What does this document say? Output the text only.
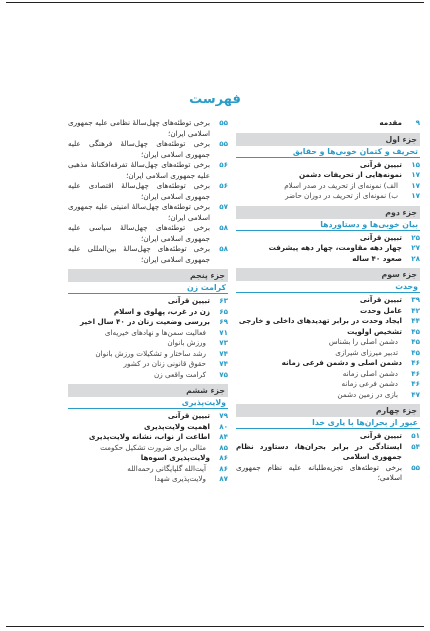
فهرست
۹
مقدمه
جزء اول
تحریف و کتمان خوبی‌ها و حقایق
۱۵
تبیین قرآنی
۱۷
نمونه‌هایی از تحریفات دشمن
۱۷
الف) نمونه‌ای از تحریف در صدر اسلام
۱۷
ب) نمونه‌ای از تحریف در دوران حاضر
جزء دوم
بیان خوبی‌ها و دستاوردها
۲۵
تبیین قرآنی
۲۷
چهار دهه مقاومت، چهار دهه پیشرفت
۲۸
صعود ۴۰ ساله
جزء سوم
وحدت
۳۹
تبیین قرآنی
۴۲
عامل وحدت
۴۴
ایجاد وحدت در برابر تهدیدهای داخلی و خارجی
۴۵
تشخیص اولویت
۴۵
دشمن اصلی را بشناس
۴۵
تدبیر میرزای شیرازی
۴۶
دشمن اصلی و دشمن فرعی زمانه
۴۶
دشمن اصلی زمانه
۴۶
دشمن فرعی زمانه
۴۷
بازی در زمین دشمن
جزء چهارم
عبور از بحران‌ها با یاری خدا
۵۱
تبیین قرآنی
۵۴
ایستادگی در برابر بحران‌ها، دستاورد نظام جمهوری اسلامی
۵۵
برخی توطئه‌های تجزیه‌طلبانه علیه نظام جمهوری اسلامی؛
۵۵
برخی توطئه‌های چهل‌سالهٔ نظامی علیه جمهوری اسلامی ایران؛
۵۵
برخی توطئه‌های چهل‌سالهٔ فرهنگی علیه جمهوری اسلامی ایران؛
۵۶
برخی توطئه‌های چهل‌سالهٔ تفرقه‌افکنانهٔ مذهبی علیه جمهوری اسلامی ایران؛
۵۶
برخی توطئه‌های چهل‌سالهٔ اقتصادی علیه جمهوری اسلامی ایران؛
۵۷
برخی توطئه‌های چهل‌سالهٔ امنیتی علیه جمهوری اسلامی ایران؛
۵۸
برخی توطئه‌های چهل‌سالهٔ سیاسی علیه جمهوری اسلامی ایران؛
۵۸
برخی توطئه‌های چهل‌سالهٔ بین‌المللی علیه جمهوری اسلامی ایران؛
جزء پنجم
کرامت زن
۶۳
تبیین قرآنی
۶۵
زن در غرب، پهلوی و اسلام
۶۹
بررسی وضعیت زنان در ۴۰ سال اخیر
۷۱
فعالیت سمن‌ها و نهادهای خیریه‌ای
۷۳
ورزش بانوان
۷۴
رشد ساختار و تشکیلات ورزش بانوان
۷۴
حقوق قانونی زنان در کشور
۷۵
کرامت واقعی زن
جزء ششم
ولایت‌پذیری
۷۹
تبیین قرآنی
۸۰
اهمیت ولایت‌پذیری
۸۴
اطاعت از نواب، نشانه ولایت‌پذیری
۸۵
مثالی برای ضرورت تشکیل حکومت
۸۶
ولایت‌پذیری اسوه‌ها
۸۶
آیت‌الله گلپایگانی رحمه‌الله
۸۷
ولایت‌پذیری شهدا
